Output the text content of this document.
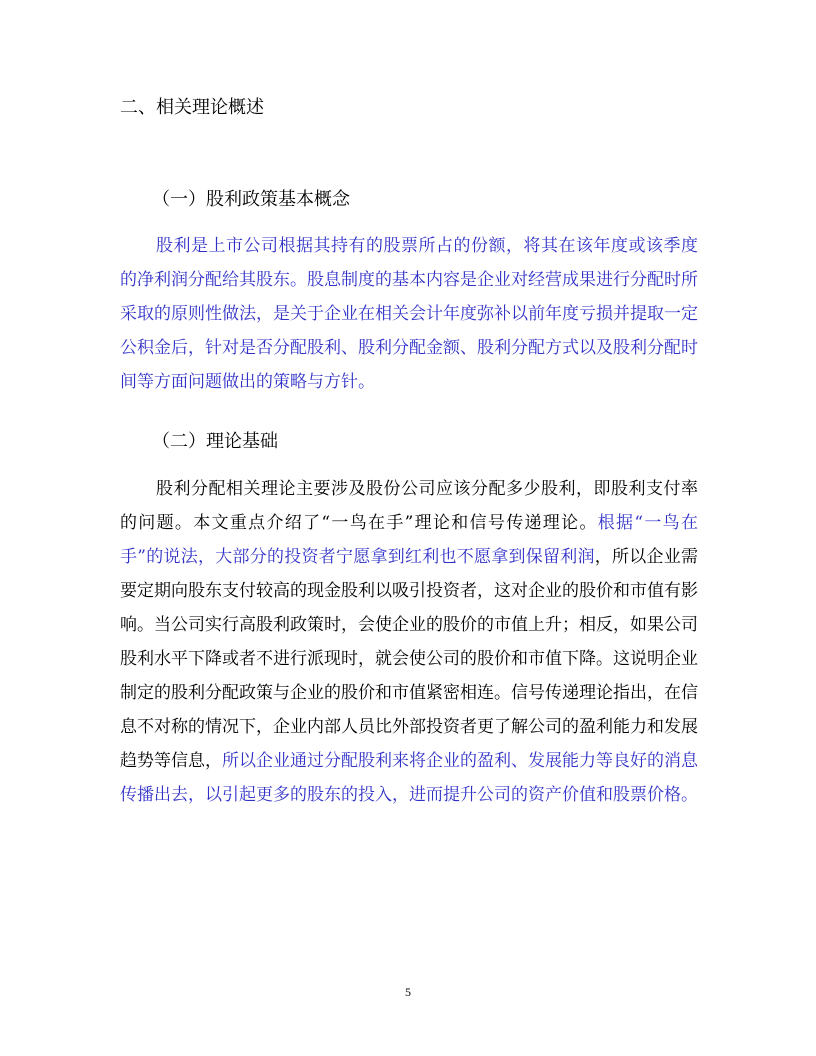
二、相关理论概述
（一）股利政策基本概念

股利是上市公司根据其持有的股票所占的份额，将其在该年度或该季度的净利润分配给其股东。股息制度的基本内容是企业对经营成果进行分配时所采取的原则性做法，是关于企业在相关会计年度弥补以前年度亏损并提取一定公积金后，针对是否分配股利、股利分配金额、股利分配方式以及股利分配时间等方面问题做出的策略与方针。

（二）理论基础

股利分配相关理论主要涉及股份公司应该分配多少股利，即股利支付率的问题。本文重点介绍了“一鸟在手”理论和信号传递理论。根据“一鸟在手”的说法，大部分的投资者宁愿拿到红利也不愿拿到保留利润，所以企业需要定期向股东支付较高的现金股利以吸引投资者，这对企业的股价和市值有影响。当公司实行高股利政策时，会使企业的股价的市值上升；相反，如果公司股利水平下降或者不进行派现时，就会使公司的股价和市值下降。这说明企业制定的股利分配政策与企业的股价和市值紧密相连。信号传递理论指出，在信息不对称的情况下，企业内部人员比外部投资者更了解公司的盈利能力和发展趋势等信息，所以企业通过分配股利来将企业的盈利、发展能力等良好的消息传播出去，以引起更多的股东的投入，进而提升公司的资产价值和股票价格。

5
